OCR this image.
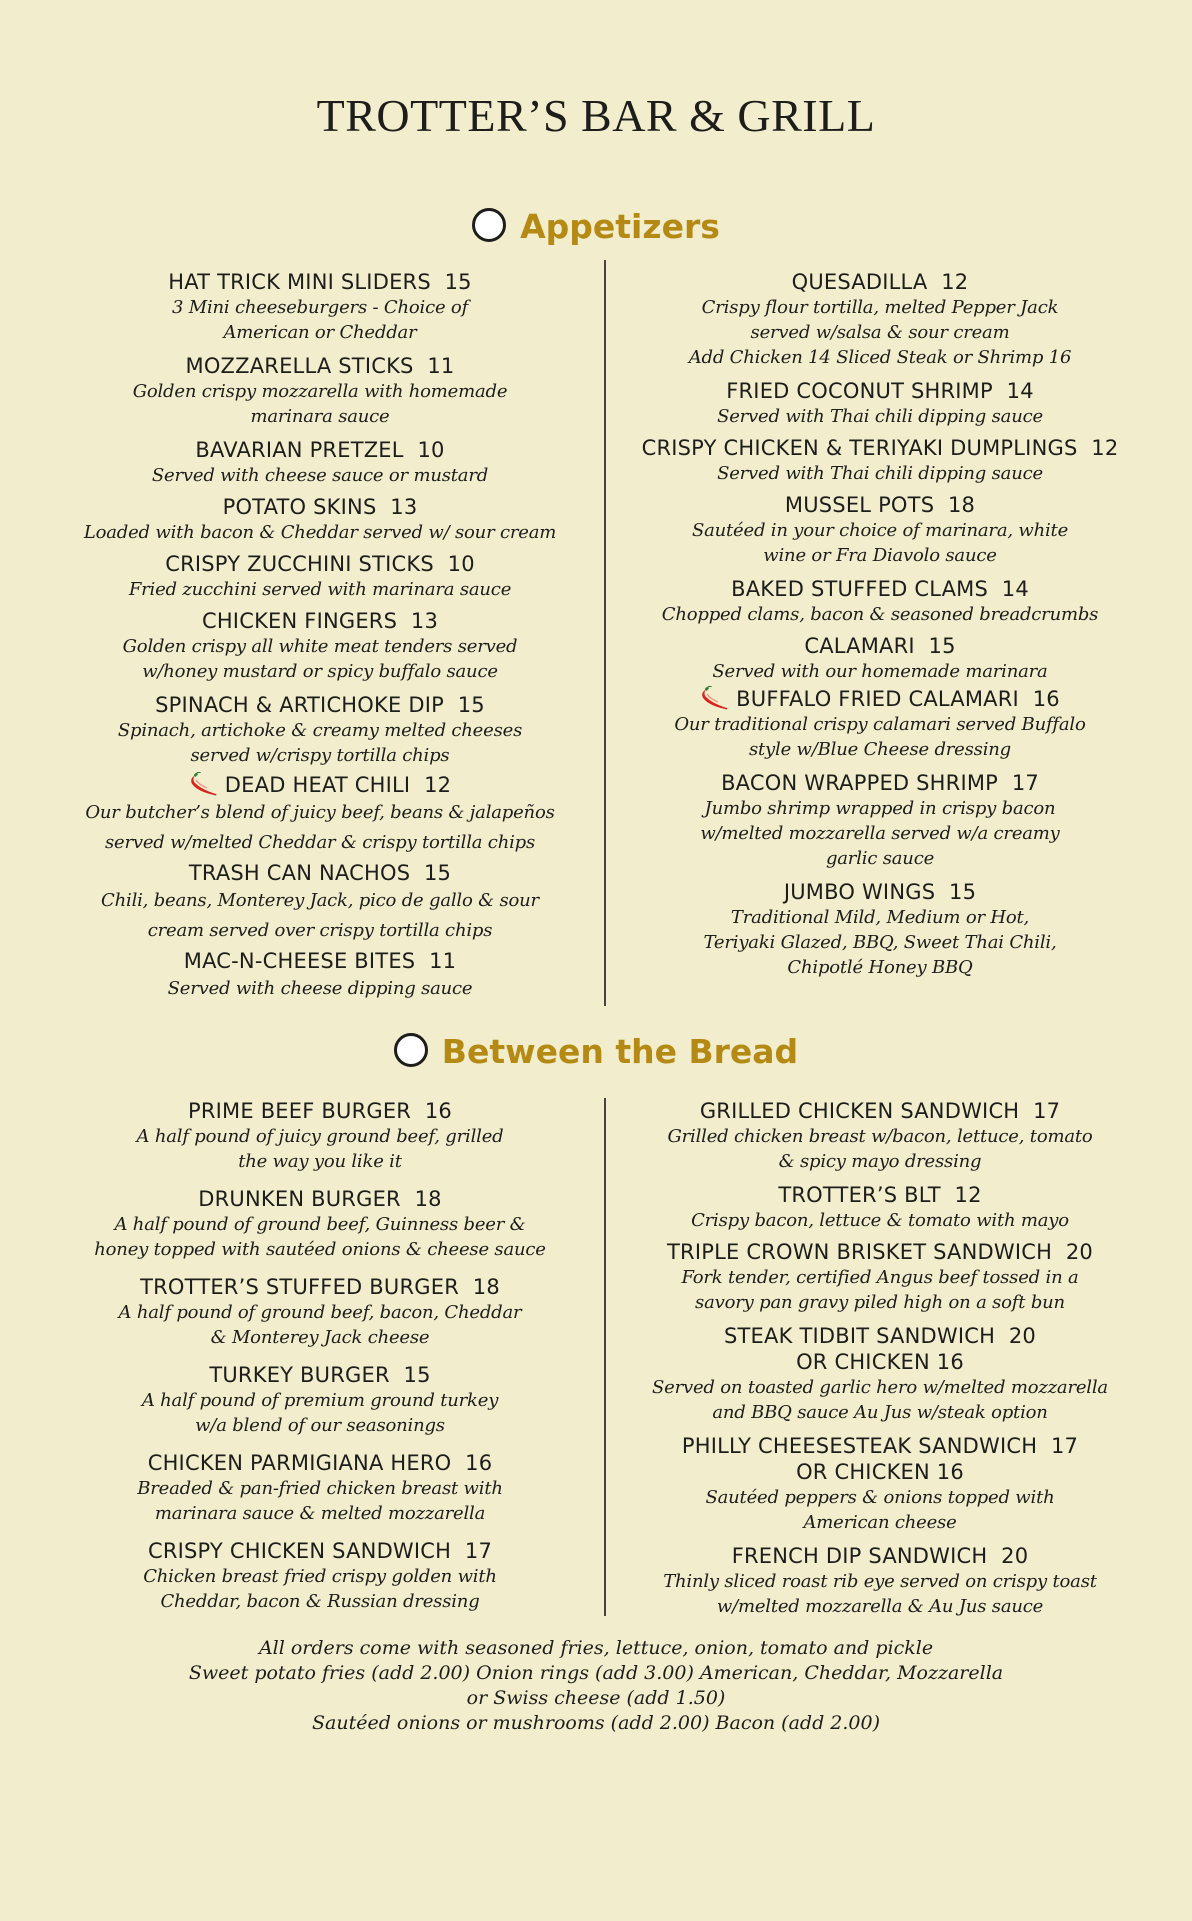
TROTTER’S BAR & GRILL
Appetizers
HAT TRICK MINI SLIDERS 15
3 Mini cheeseburgers - Choice of
American or Cheddar
MOZZARELLA STICKS 11
Golden crispy mozzarella with homemade
marinara sauce
BAVARIAN PRETZEL 10
Served with cheese sauce or mustard
POTATO SKINS 13
Loaded with bacon & Cheddar served w/ sour cream
CRISPY ZUCCHINI STICKS 10
Fried zucchini served with marinara sauce
CHICKEN FINGERS 13
Golden crispy all white meat tenders served
w/honey mustard or spicy buffalo sauce
SPINACH & ARTICHOKE DIP 15
Spinach, artichoke & creamy melted cheeses
served w/crispy tortilla chips
DEAD HEAT CHILI 12
Our butcher’s blend of juicy beef, beans & jalapeños
served w/melted Cheddar & crispy tortilla chips
TRASH CAN NACHOS 15
Chili, beans, Monterey Jack, pico de gallo & sour
cream served over crispy tortilla chips
MAC-N-CHEESE BITES 11
Served with cheese dipping sauce
QUESADILLA 12
Crispy flour tortilla, melted Pepper Jack
served w/salsa & sour cream
Add Chicken 14 Sliced Steak or Shrimp 16
FRIED COCONUT SHRIMP 14
Served with Thai chili dipping sauce
CRISPY CHICKEN & TERIYAKI DUMPLINGS 12
Served with Thai chili dipping sauce
MUSSEL POTS 18
Sautéed in your choice of marinara, white
wine or Fra Diavolo sauce
BAKED STUFFED CLAMS 14
Chopped clams, bacon & seasoned breadcrumbs
CALAMARI 15
Served with our homemade marinara
BUFFALO FRIED CALAMARI 16
Our traditional crispy calamari served Buffalo
style w/Blue Cheese dressing
BACON WRAPPED SHRIMP 17
Jumbo shrimp wrapped in crispy bacon
w/melted mozzarella served w/a creamy
garlic sauce
JUMBO WINGS 15
Traditional Mild, Medium or Hot,
Teriyaki Glazed, BBQ, Sweet Thai Chili,
Chipotlé Honey BBQ
Between the Bread
PRIME BEEF BURGER 16
A half pound of juicy ground beef, grilled
the way you like it
DRUNKEN BURGER 18
A half pound of ground beef, Guinness beer &
honey topped with sautéed onions & cheese sauce
TROTTER’S STUFFED BURGER 18
A half pound of ground beef, bacon, Cheddar
& Monterey Jack cheese
TURKEY BURGER 15
A half pound of premium ground turkey
w/a blend of our seasonings
CHICKEN PARMIGIANA HERO 16
Breaded & pan-fried chicken breast with
marinara sauce & melted mozzarella
CRISPY CHICKEN SANDWICH 17
Chicken breast fried crispy golden with
Cheddar, bacon & Russian dressing
GRILLED CHICKEN SANDWICH 17
Grilled chicken breast w/bacon, lettuce, tomato
& spicy mayo dressing
TROTTER’S BLT 12
Crispy bacon, lettuce & tomato with mayo
TRIPLE CROWN BRISKET SANDWICH 20
Fork tender, certified Angus beef tossed in a
savory pan gravy piled high on a soft bun
STEAK TIDBIT SANDWICH 20
OR CHICKEN 16
Served on toasted garlic hero w/melted mozzarella
and BBQ sauce Au Jus w/steak option
PHILLY CHEESESTEAK SANDWICH 17
OR CHICKEN 16
Sautéed peppers & onions topped with
American cheese
FRENCH DIP SANDWICH 20
Thinly sliced roast rib eye served on crispy toast
w/melted mozzarella & Au Jus sauce
All orders come with seasoned fries, lettuce, onion, tomato and pickle
Sweet potato fries (add 2.00) Onion rings (add 3.00) American, Cheddar, Mozzarella
or Swiss cheese (add 1.50)
Sautéed onions or mushrooms (add 2.00) Bacon (add 2.00)
